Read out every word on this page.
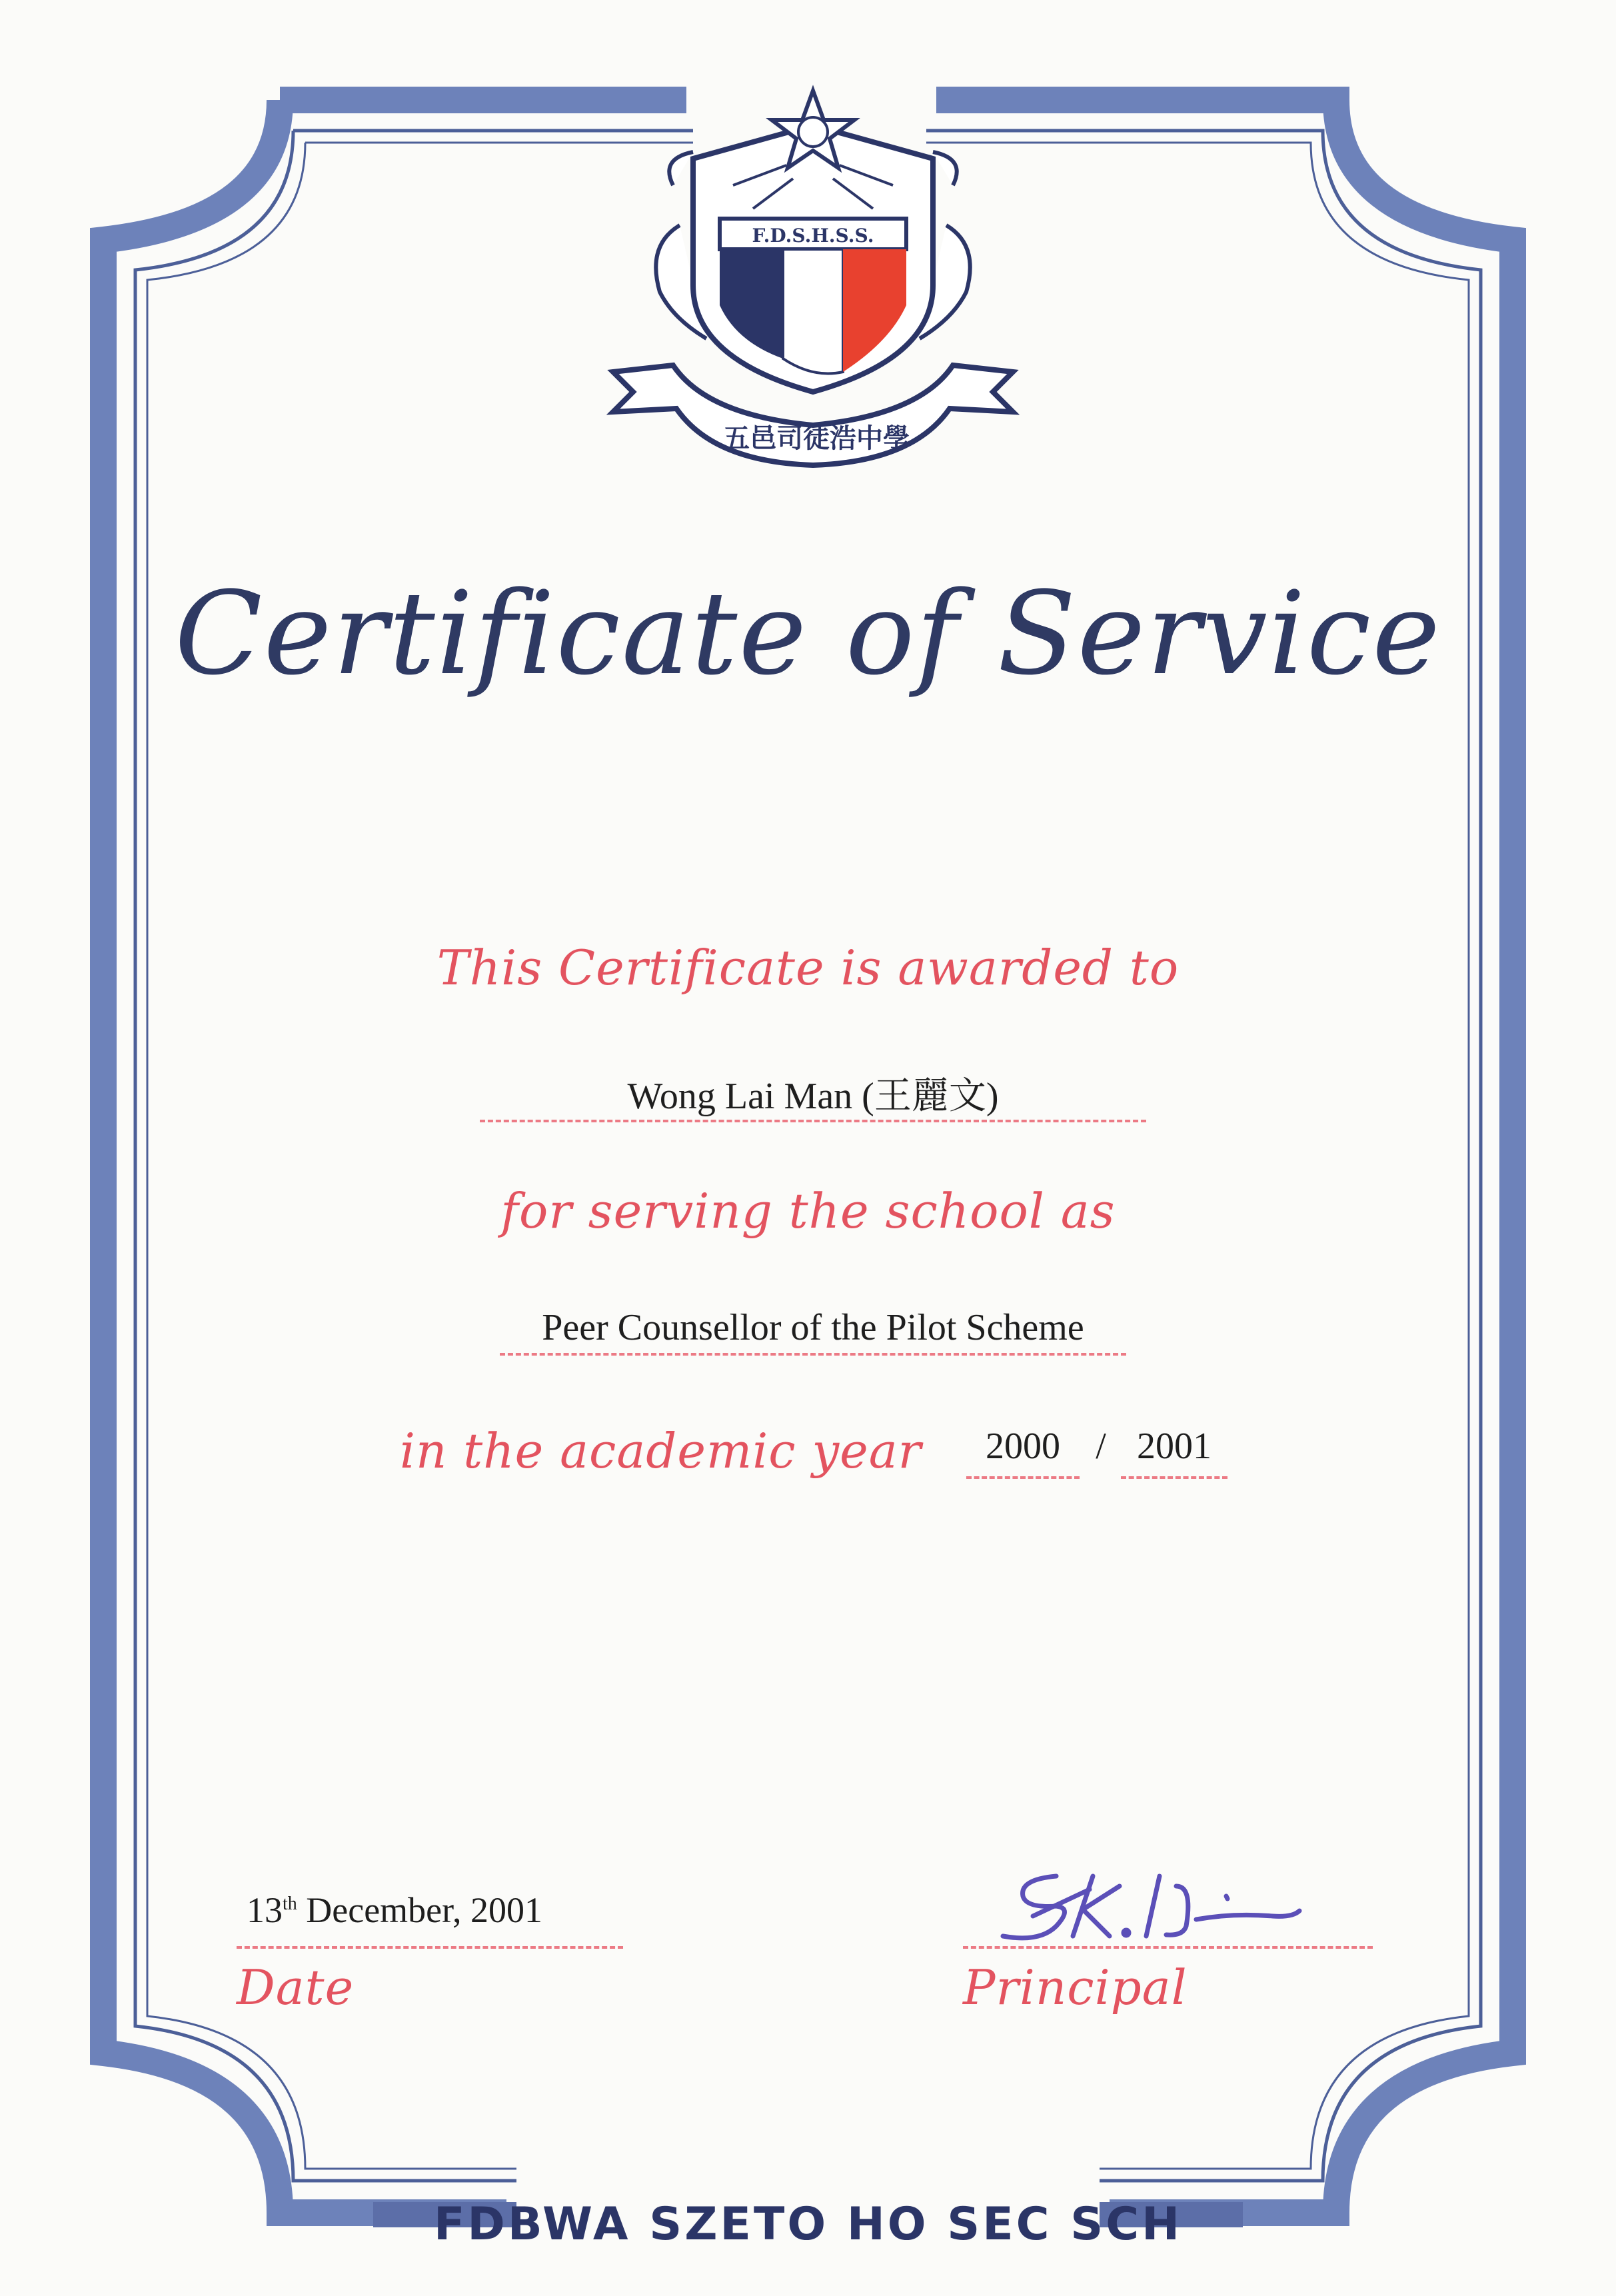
F.D.S.H.S.S.
五邑司徒浩中學
Certificate of Service
This Certificate is awarded to
Wong Lai Man (王麗文)
for serving the school as
Peer Counsellor of the Pilot Scheme
in the academic year	2000 / 2001
13th December, 2001
Date	Principal
FDBWA SZETO HO SEC SCH
